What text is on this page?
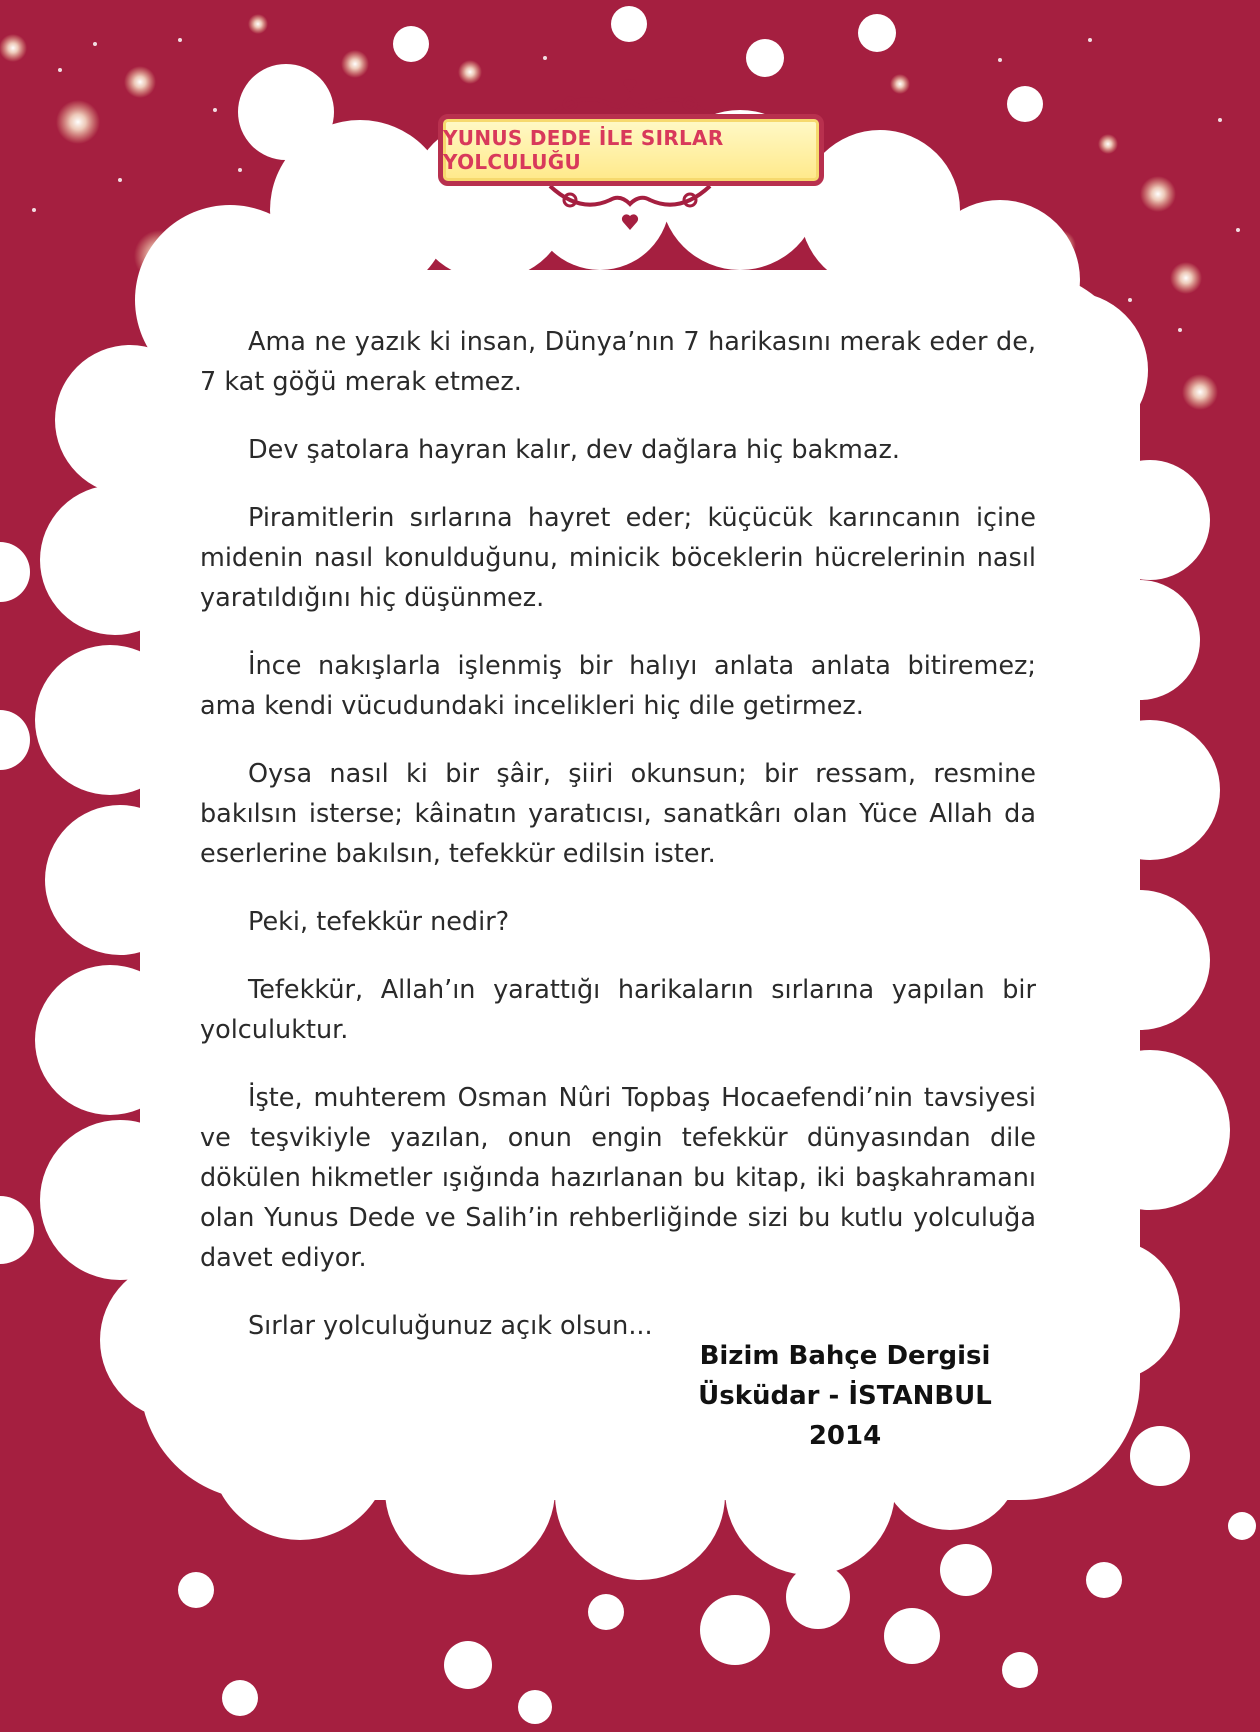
YUNUS DEDE İLE SIRLAR YOLCULUĞU

Ama ne yazık ki insan, Dünya’nın 7 harikasını merak eder de, 7 kat göğü merak etmez.

Dev şatolara hayran kalır, dev dağlara hiç bakmaz.

Piramitlerin sırlarına hayret eder; küçücük karıncanın içine midenin nasıl konulduğunu, minicik böceklerin hücrelerinin nasıl yaratıldığını hiç düşünmez.

İnce nakışlarla işlenmiş bir halıyı anlata anlata bitiremez; ama kendi vücudundaki incelikleri hiç dile getirmez.

Oysa nasıl ki bir şâir, şiiri okunsun; bir ressam, resmine bakılsın isterse; kâinatın yaratıcısı, sanatkârı olan Yüce Allah da eserlerine bakılsın, tefekkür edilsin ister.

Peki, tefekkür nedir?

Tefekkür, Allah’ın yarattığı harikaların sırlarına yapılan bir yolculuktur.

İşte, muhterem Osman Nûri Topbaş Hocaefendi’nin tavsiyesi ve teşvikiyle yazılan, onun engin tefekkür dünyasından dile dökülen hikmetler ışığında hazırlanan bu kitap, iki başkahramanı olan Yunus Dede ve Salih’in rehberliğinde sizi bu kutlu yolculuğa davet ediyor.

Sırlar yolculuğunuz açık olsun...

Bizim Bahçe Dergisi
Üsküdar - İSTANBUL
2014
